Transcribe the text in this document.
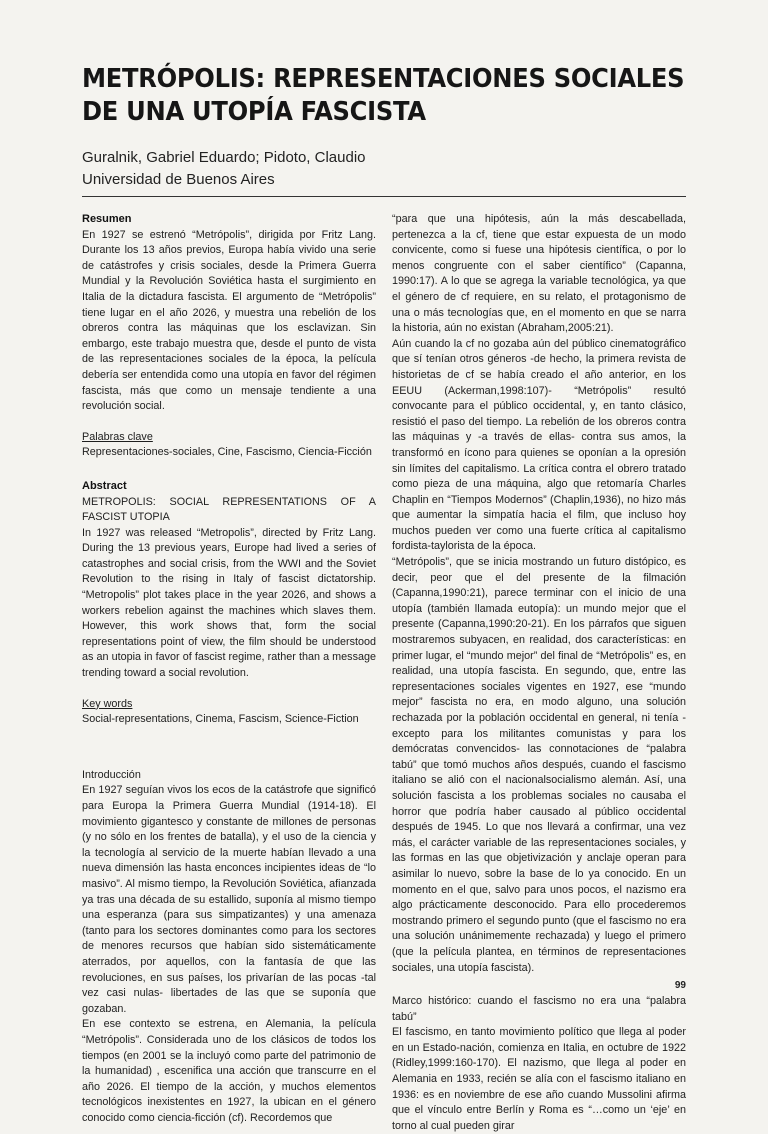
METRÓPOLIS: REPRESENTACIONES SOCIALES
DE UNA UTOPÍA FASCISTA
Guralnik, Gabriel Eduardo; Pidoto, Claudio
Universidad de Buenos Aires
Resumen

En 1927 se estrenó “Metrópolis”, dirigida por Fritz Lang. Durante los 13 años previos, Europa había vivido una serie de catástrofes y crisis sociales, desde la Primera Guerra Mundial y la Revolución Soviética hasta el surgimiento en Italia de la dictadura fascista. El argumento de “Metrópolis” tiene lugar en el año 2026, y muestra una rebelión de los obreros contra las máquinas que los esclavizan. Sin embargo, este trabajo muestra que, desde el punto de vista de las representaciones sociales de la época, la película debería ser entendida como una utopía en favor del régimen fascista, más que como un mensaje tendiente a una revolución social.

Palabras clave

Representaciones-sociales, Cine, Fascismo, Ciencia-Ficción

Abstract

METROPOLIS: SOCIAL REPRESENTATIONS OF A FASCIST UTOPIA

In 1927 was released “Metropolis”, directed by Fritz Lang. During the 13 previous years, Europe had lived a series of catastrophes and social crisis, from the WWI and the Soviet Revolution to the rising in Italy of fascist dictatorship. “Metropolis” plot takes place in the year 2026, and shows a workers rebelion against the machines which slaves them. However, this work shows that, form the social representations point of view, the film should be understood as an utopia in favor of fascist regime, rather than a message trending toward a social revolution.

Key words

Social-representations, Cinema, Fascism, Science-Fiction

Introducción

En 1927 seguían vivos los ecos de la catástrofe que significó para Europa la Primera Guerra Mundial (1914-18). El movimiento gigantesco y constante de millones de personas (y no sólo en los frentes de batalla), y el uso de la ciencia y la tecnología al servicio de la muerte habían llevado a una nueva dimensión las hasta enconces incipientes ideas de “lo masivo”. Al mismo tiempo, la Revolución Soviética, afianzada ya tras una década de su estallido, suponía al mismo tiempo una esperanza (para sus simpatizantes) y una amenaza (tanto para los sectores dominantes como para los sectores de menores recursos que habían sido sistemáticamente aterrados, por aquellos, con la fantasía de que las revoluciones, en sus países, los privarían de las pocas -tal vez casi nulas- libertades de las que se suponía que gozaban.

En ese contexto se estrena, en Alemania, la película “Metrópolis”. Considerada uno de los clásicos de todos los tiempos (en 2001 se la incluyó como parte del patrimonio de la humanidad) , escenifica una acción que transcurre en el año 2026. El tiempo de la acción, y muchos elementos tecnológicos inexistentes en 1927, la ubican en el género conocido como ciencia-ficción (cf). Recordemos que

“para que una hipótesis, aún la más descabellada, pertenezca a la cf, tiene que estar expuesta de un modo convicente, como si fuese una hipótesis científica, o por lo menos congruente con el saber científico” (Capanna, 1990:17). A lo que se agrega la variable tecnológica, ya que el género de cf requiere, en su relato, el protagonismo de una o más tecnologías que, en el momento en que se narra la historia, aún no existan (Abraham,2005:21).

Aún cuando la cf no gozaba aún del público cinematográfico que sí tenían otros géneros -de hecho, la primera revista de historietas de cf se había creado el año anterior, en los EEUU (Ackerman,1998:107)- “Metrópolis” resultó convocante para el público occidental, y, en tanto clásico, resistió el paso del tiempo. La rebelión de los obreros contra las máquinas y -a través de ellas- contra sus amos, la transformó en ícono para quienes se oponían a la opresión sin límites del capitalismo. La crítica contra el obrero tratado como pieza de una máquina, algo que retomaría Charles Chaplin en “Tiempos Modernos” (Chaplin,1936), no hizo más que aumentar la simpatía hacia el film, que incluso hoy muchos pueden ver como una fuerte crítica al capitalismo fordista-taylorista de la época.

“Metrópolis”, que se inicia mostrando un futuro distópico, es decir, peor que el del presente de la filmación (Capanna,1990:21), parece terminar con el inicio de una utopía (también llamada eutopía): un mundo mejor que el presente (Capanna,1990:20-21). En los párrafos que siguen mostraremos subyacen, en realidad, dos características: en primer lugar, el “mundo mejor” del final de “Metrópolis” es, en realidad, una utopía fascista. En segundo, que, entre las representaciones sociales vigentes en 1927, ese “mundo mejor” fascista no era, en modo alguno, una solución rechazada por la población occidental en general, ni tenía -excepto para los militantes comunistas y para los demócratas convencidos- las connotaciones de “palabra tabú” que tomó muchos años después, cuando el fascismo italiano se alió con el nacionalsocialismo alemán. Así, una solución fascista a los problemas sociales no causaba el horror que podría haber causado al público occidental después de 1945. Lo que nos llevará a confirmar, una vez más, el carácter variable de las representaciones sociales, y las formas en las que objetivización y anclaje operan para asimilar lo nuevo, sobre la base de lo ya conocido. En un momento en el que, salvo para unos pocos, el nazismo era algo prácticamente desconocido. Para ello procederemos mostrando primero el segundo punto (que el fascismo no era una solución unánimemente rechazada) y luego el primero (que la película plantea, en términos de representaciones sociales, una utopía fascista).

Marco histórico: cuando el fascismo no era una “palabra tabú”

El fascismo, en tanto movimiento político que llega al poder en un Estado-nación, comienza en Italia, en octubre de 1922 (Ridley,1999:160-170). El nazismo, que llega al poder en Alemania en 1933, recién se alía con el fascismo italiano en 1936: es en noviembre de ese año cuando Mussolini afirma que el vínculo entre Berlín y Roma es “…como un ‘eje’ en torno al cual pueden girar

99
